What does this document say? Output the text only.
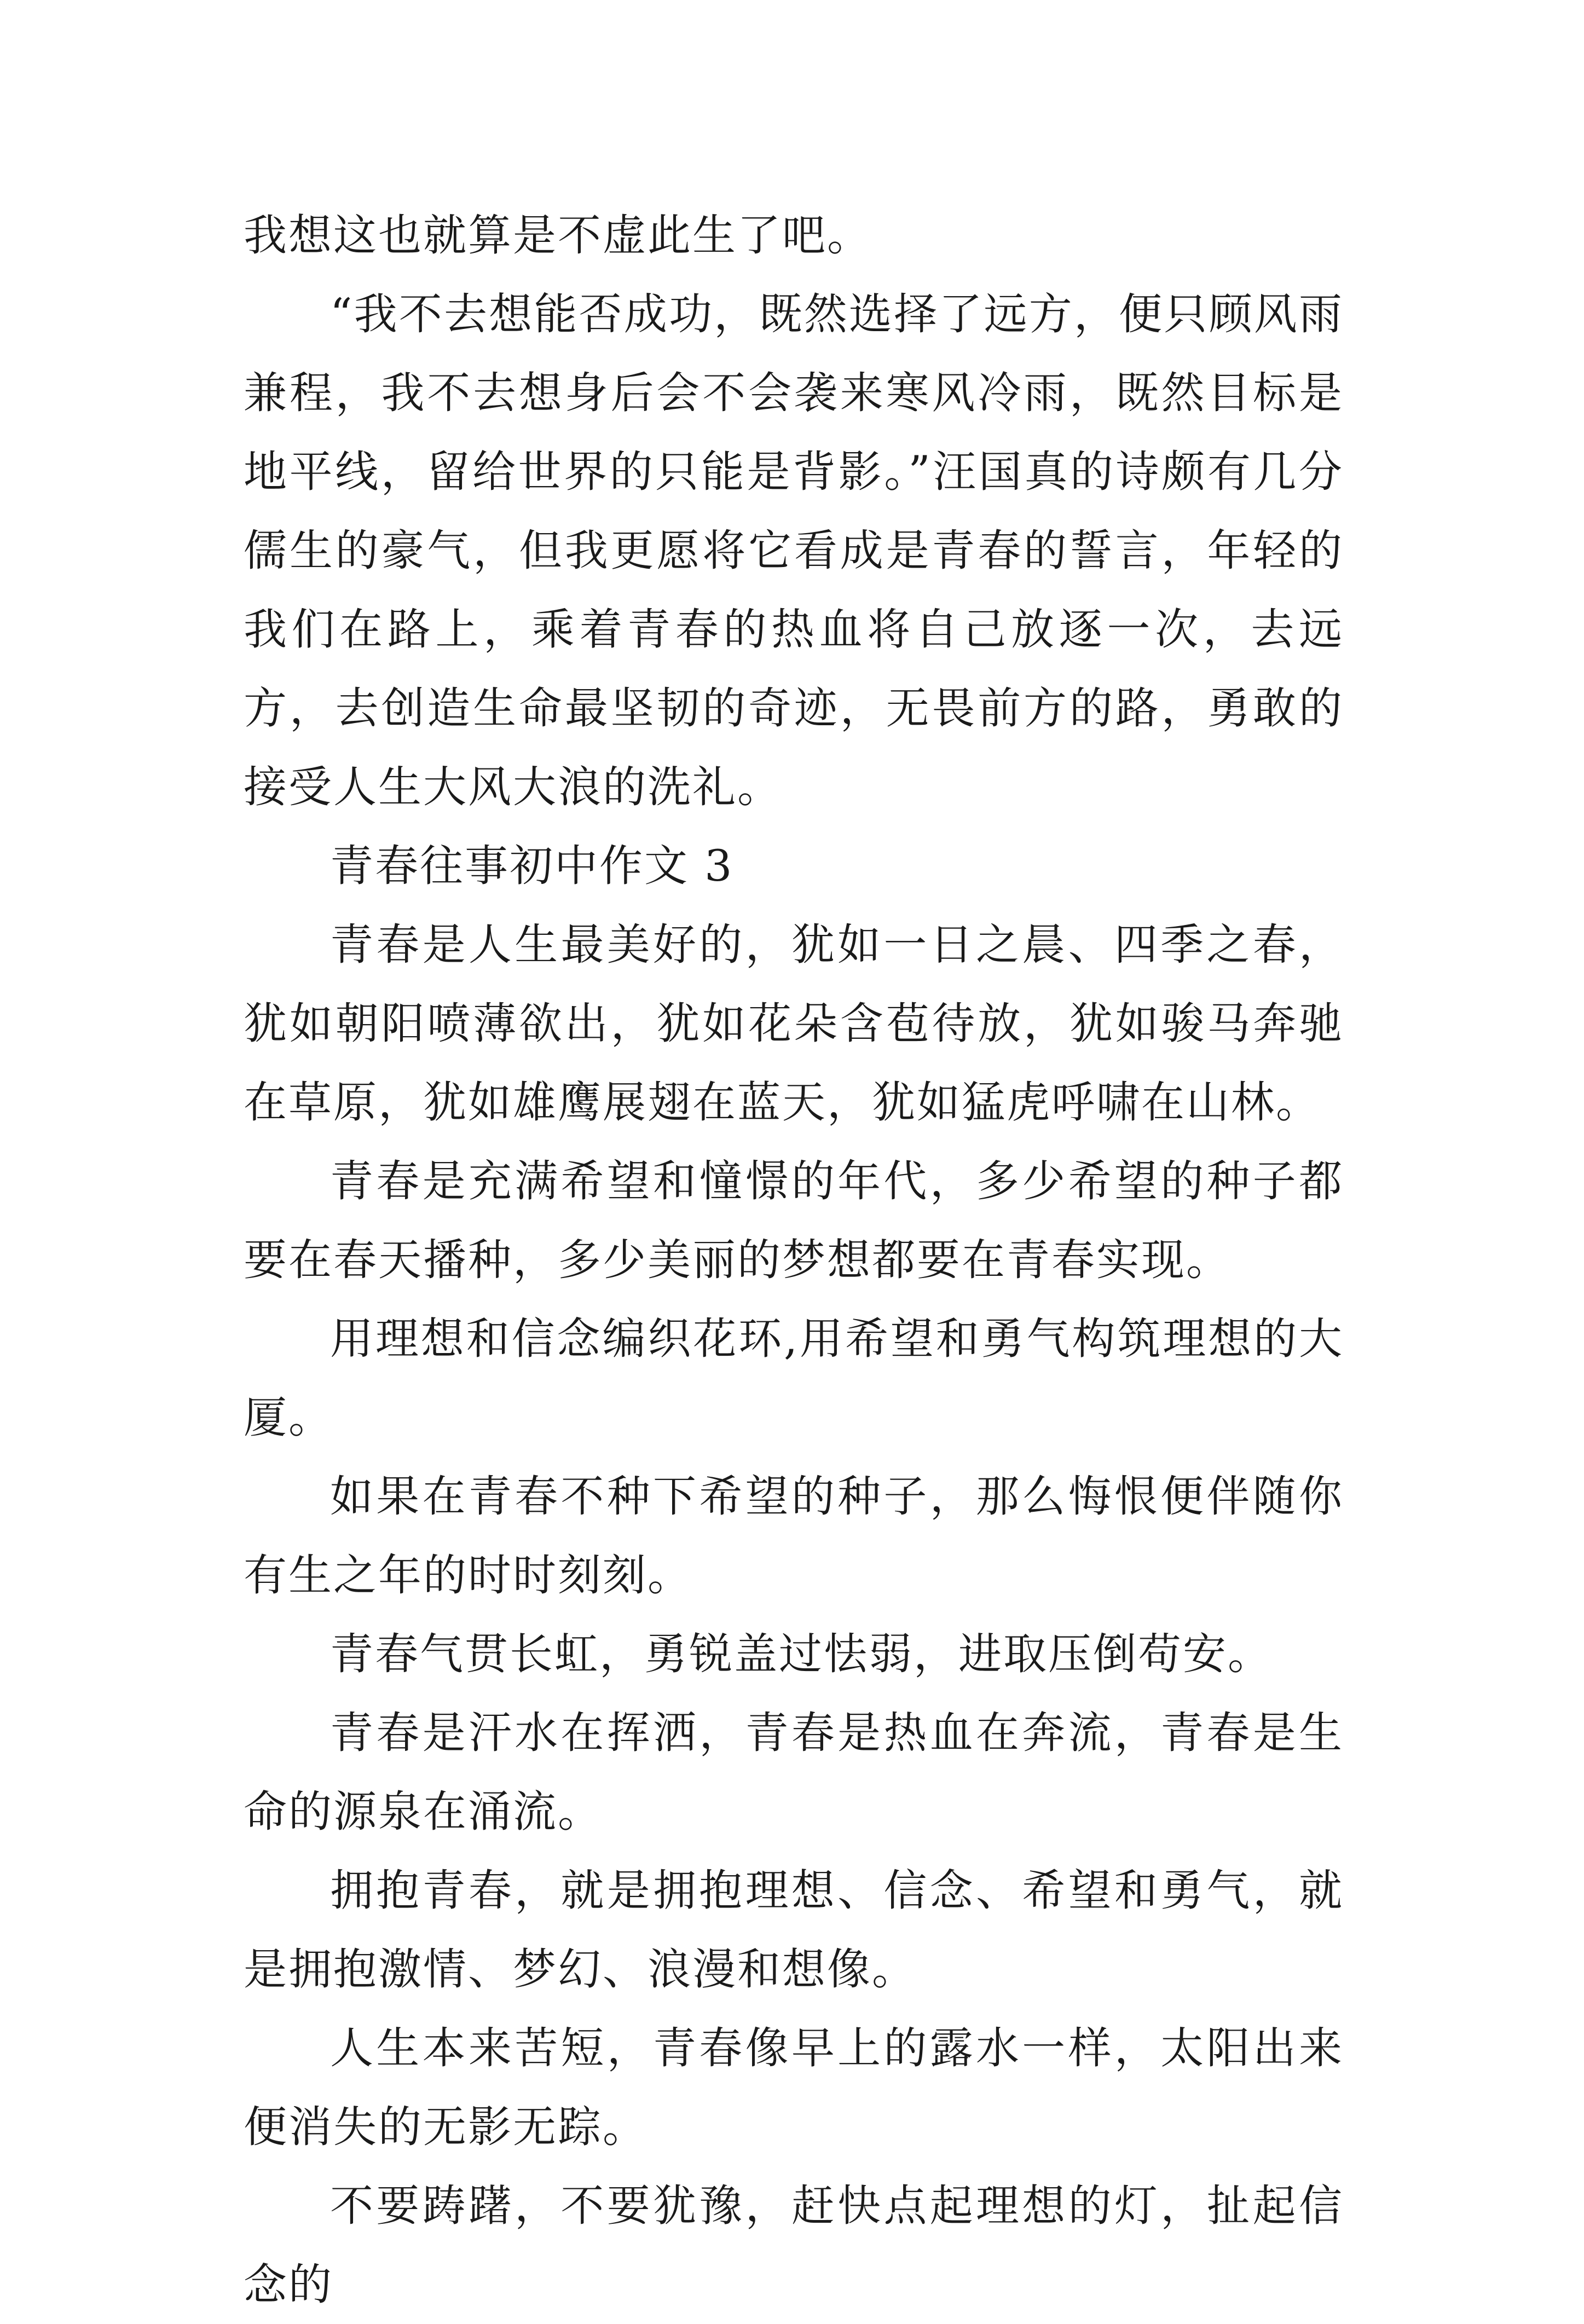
我想这也就算是不虚此生了吧。

“我不去想能否成功，既然选择了远方，便只顾风雨兼程，我不去想身后会不会袭来寒风冷雨，既然目标是地平线，留给世界的只能是背影。”汪国真的诗颇有几分儒生的豪气，但我更愿将它看成是青春的誓言，年轻的我们在路上，乘着青春的热血将自己放逐一次，去远方，去创造生命最坚韧的奇迹，无畏前方的路，勇敢的接受人生大风大浪的洗礼。

青春往事初中作文 3

青春是人生最美好的，犹如一日之晨、四季之春，犹如朝阳喷薄欲出，犹如花朵含苞待放，犹如骏马奔驰在草原，犹如雄鹰展翅在蓝天，犹如猛虎呼啸在山林。

青春是充满希望和憧憬的年代，多少希望的种子都要在春天播种，多少美丽的梦想都要在青春实现。

用理想和信念编织花环,用希望和勇气构筑理想的大厦。

如果在青春不种下希望的种子，那么悔恨便伴随你有生之年的时时刻刻。

青春气贯长虹，勇锐盖过怯弱，进取压倒苟安。

青春是汗水在挥洒，青春是热血在奔流，青春是生命的源泉在涌流。

拥抱青春，就是拥抱理想、信念、希望和勇气，就是拥抱激情、梦幻、浪漫和想像。

人生本来苦短，青春像早上的露水一样，太阳出来便消失的无影无踪。

不要踌躇，不要犹豫，赶快点起理想的灯，扯起信念的
